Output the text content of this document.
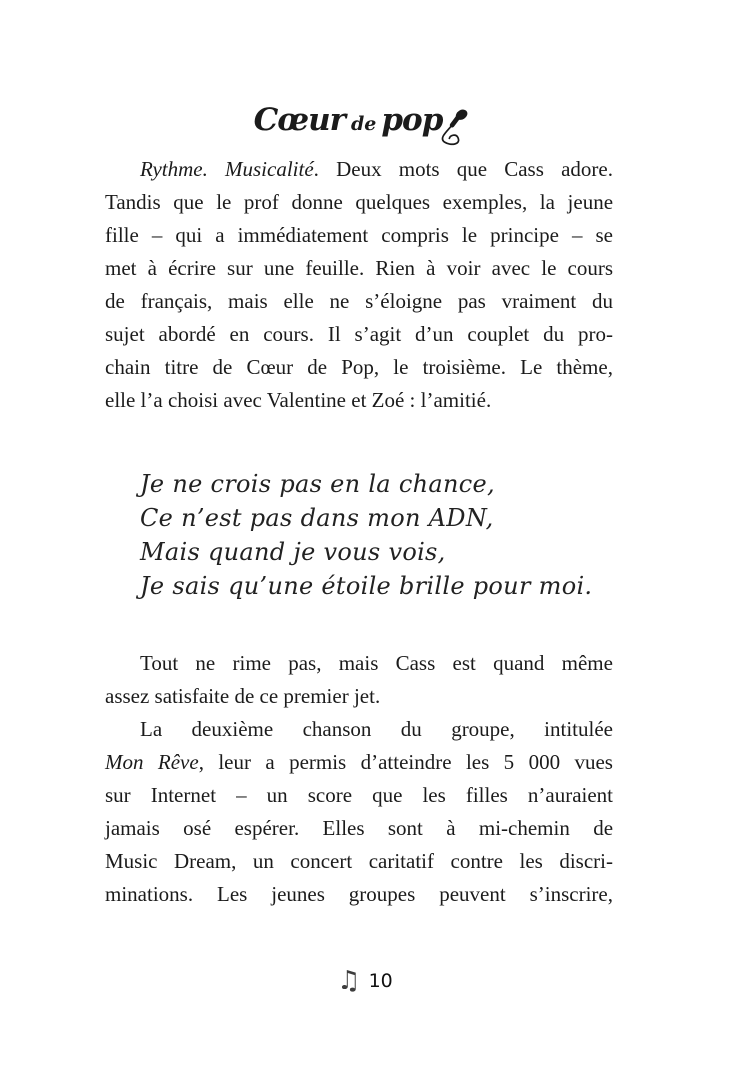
Cœur de pop
Rythme. Musicalité. Deux mots que Cass adore.
Tandis que le prof donne quelques exemples, la jeune
fille – qui a immédiatement compris le principe – se
met à écrire sur une feuille. Rien à voir avec le cours
de français, mais elle ne s’éloigne pas vraiment du
sujet abordé en cours. Il s’agit d’un couplet du pro-
chain titre de Cœur de Pop, le troisième. Le thème,
elle l’a choisi avec Valentine et Zoé : l’amitié.
Je ne crois pas en la chance,
Ce n’est pas dans mon ADN,
Mais quand je vous vois,
Je sais qu’une étoile brille pour moi.
Tout ne rime pas, mais Cass est quand même
assez satisfaite de ce premier jet.
La deuxième chanson du groupe, intitulée
Mon Rêve, leur a permis d’atteindre les 5 000 vues
sur Internet – un score que les filles n’auraient
jamais osé espérer. Elles sont à mi-chemin de
Music Dream, un concert caritatif contre les discri-
minations. Les jeunes groupes peuvent s’inscrire,
♫ 10
